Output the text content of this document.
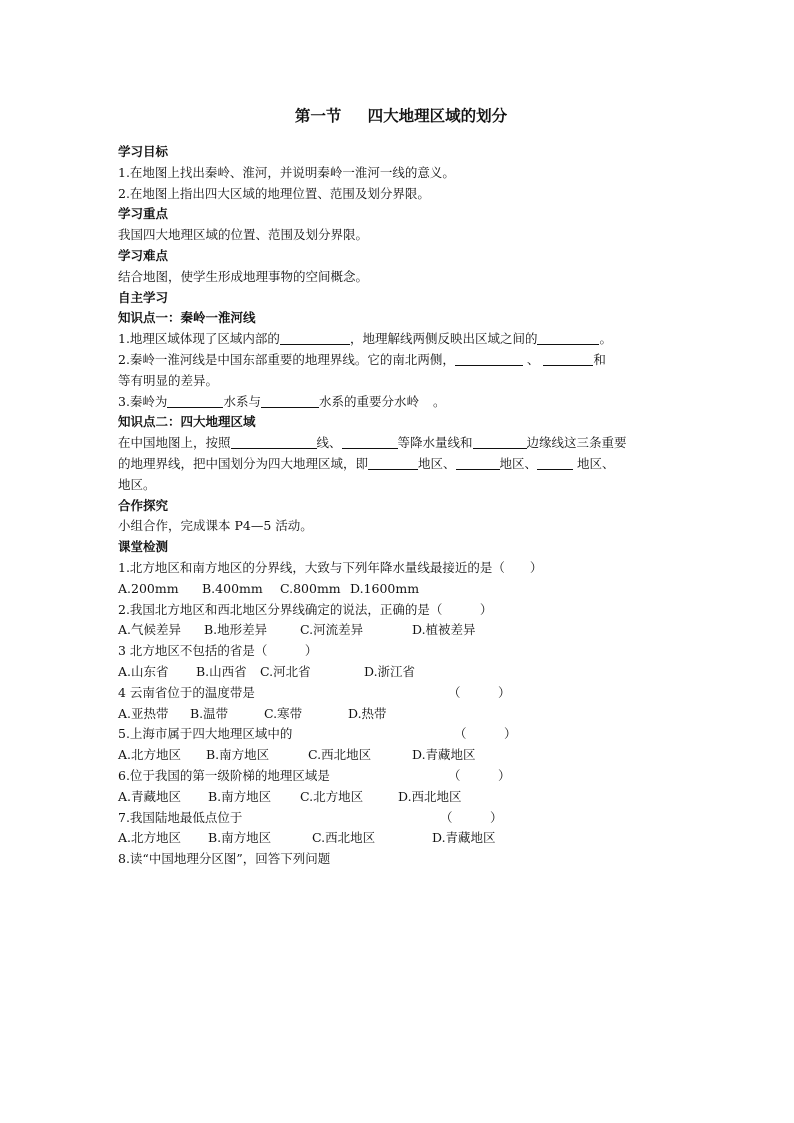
第一节　  四大地理区域的划分
学习目标
1.在地图上找出秦岭、淮河，并说明秦岭一淮河一线的意义。
2.在地图上指出四大区域的地理位置、范围及划分界限。
学习重点
我国四大地理区域的位置、范围及划分界限。
学习难点
结合地图，使学生形成地理事物的空间概念。
自主学习
知识点一：秦岭一淮河线
1.地理区域体现了区域内部的	，地理解线两侧反映出区域之间的	。
2.秦岭一淮河线是中国东部重要的地理界线。它的南北两侧，	、	和
等有明显的差异。
3.秦岭为	水系与	水系的重要分水岭 。
知识点二：四大地理区域
在中国地图上，按照	线、	等降水量线和	边缘线这三条重要
的地理界线，把中国划分为四大地理区域，即	地区、	地区、	地区、
地区。
合作探究
小组合作，完成课本 P4—5 活动。
课堂检测
1.北方地区和南方地区的分界线，大致与下列年降水量线最接近的是（　　）
A.200mm B.400mm C.800mm D.1600mm
2.我国北方地区和西北地区分界线确定的说法，正确的是（　　　）
A.气候差异 B.地形差异	C.河流差异	D.植被差异
3 北方地区不包括的省是（　　　）
A.山东省 B.山西省 C.河北省	D.浙江省
4 云南省位于的温度带是	（　　　）
A.亚热带 B.温带	C.寒带	D.热带
5.上海市属于四大地理区域中的	（　　　）
A.北方地区 B.南方地区	C.西北地区	D.青藏地区
6.位于我国的第一级阶梯的地理区域是	（　　　）
A.青藏地区 B.南方地区 C.北方地区	D.西北地区
7.我国陆地最低点位于	（　　　）
A.北方地区 B.南方地区	C.西北地区	D.青藏地区
8.读“中国地理分区图”，回答下列问题
